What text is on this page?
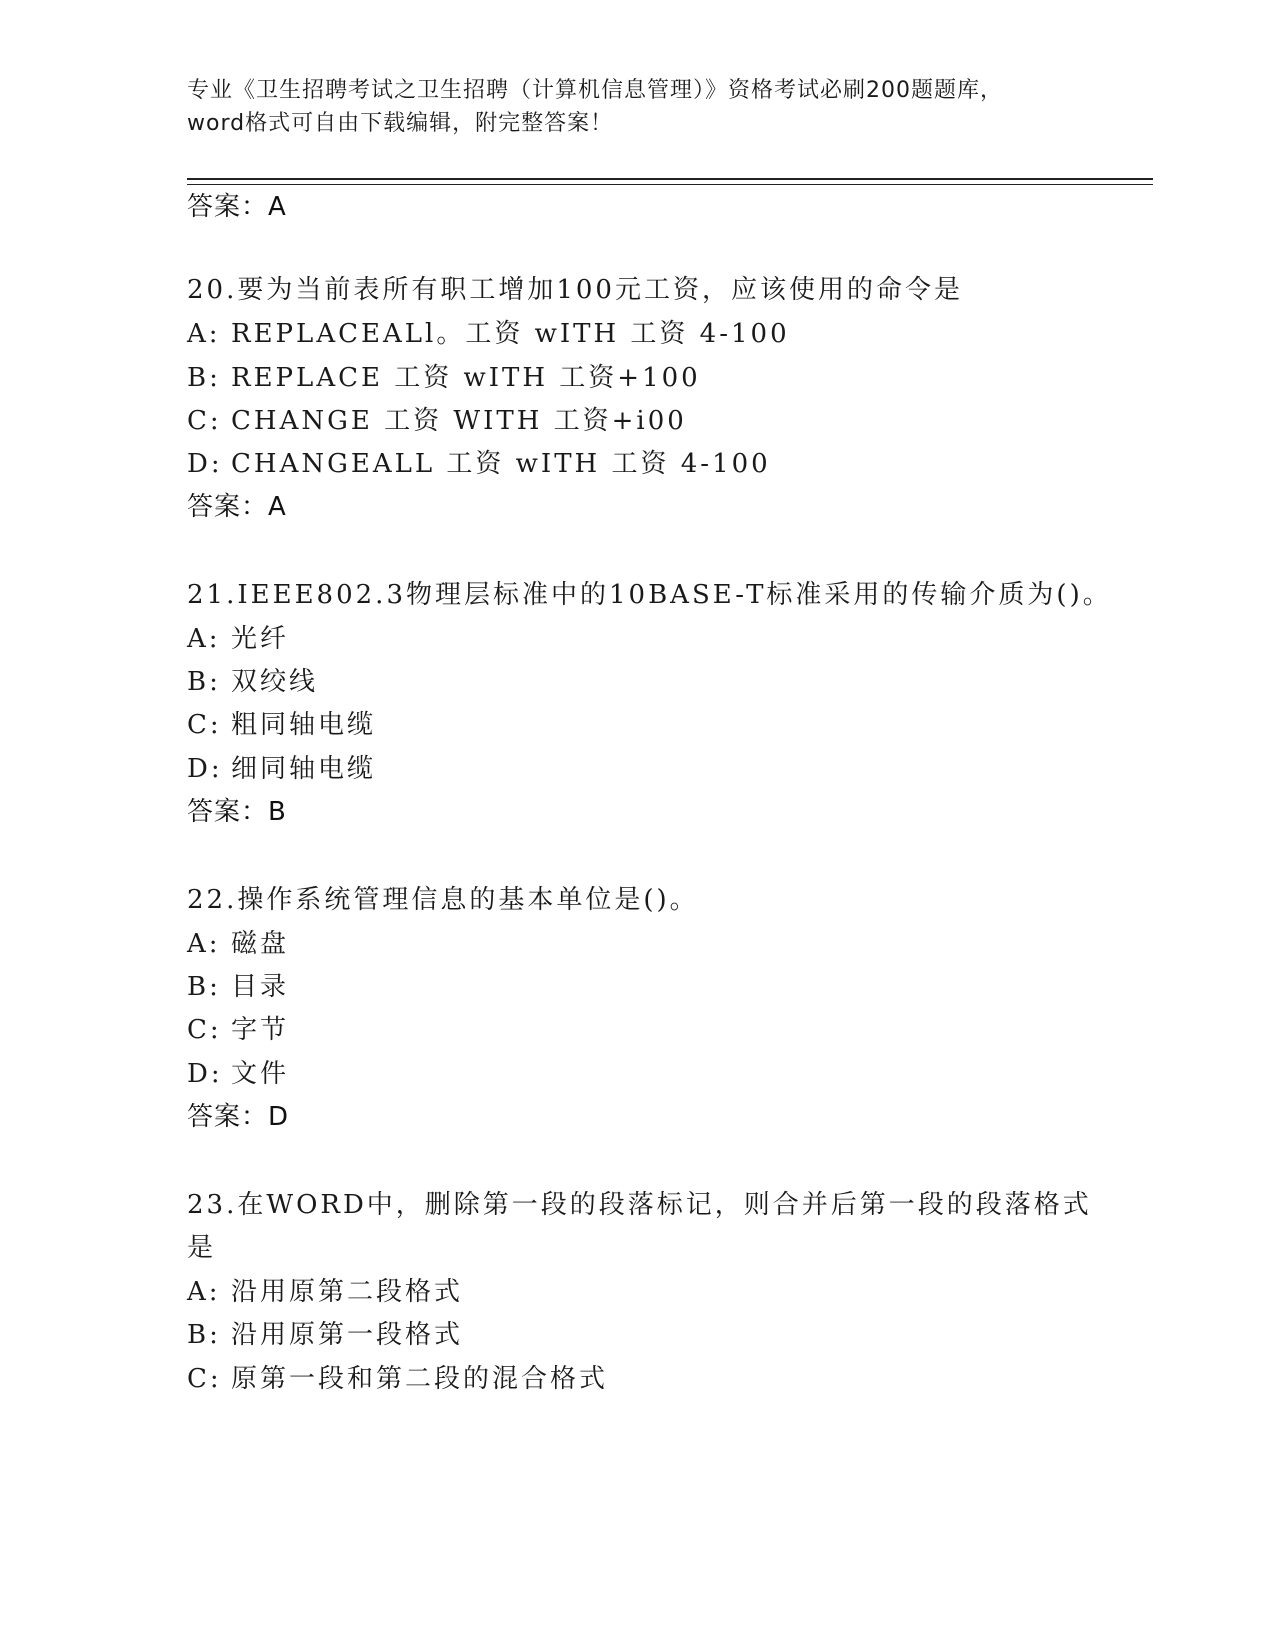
专业《卫生招聘考试之卫生招聘（计算机信息管理）》资格考试必刷200题题库，
word格式可自由下载编辑，附完整答案！
答案：A
20.要为当前表所有职工增加100元工资，应该使用的命令是
A: REPLACEALl。工资 wITH 工资 4-100
B: REPLACE 工资 wITH 工资+100
C: CHANGE 工资 WITH 工资+i00
D: CHANGEALL 工资 wITH 工资 4-100
答案：A
21.IEEE802.3物理层标准中的10BASE-T标准采用的传输介质为()。
A: 光纤
B: 双绞线
C: 粗同轴电缆
D: 细同轴电缆
答案：B
22.操作系统管理信息的基本单位是()。
A: 磁盘
B: 目录
C: 字节
D: 文件
答案：D
23.在WORD中，删除第一段的段落标记，则合并后第一段的段落格式
是
A: 沿用原第二段格式
B: 沿用原第一段格式
C: 原第一段和第二段的混合格式
